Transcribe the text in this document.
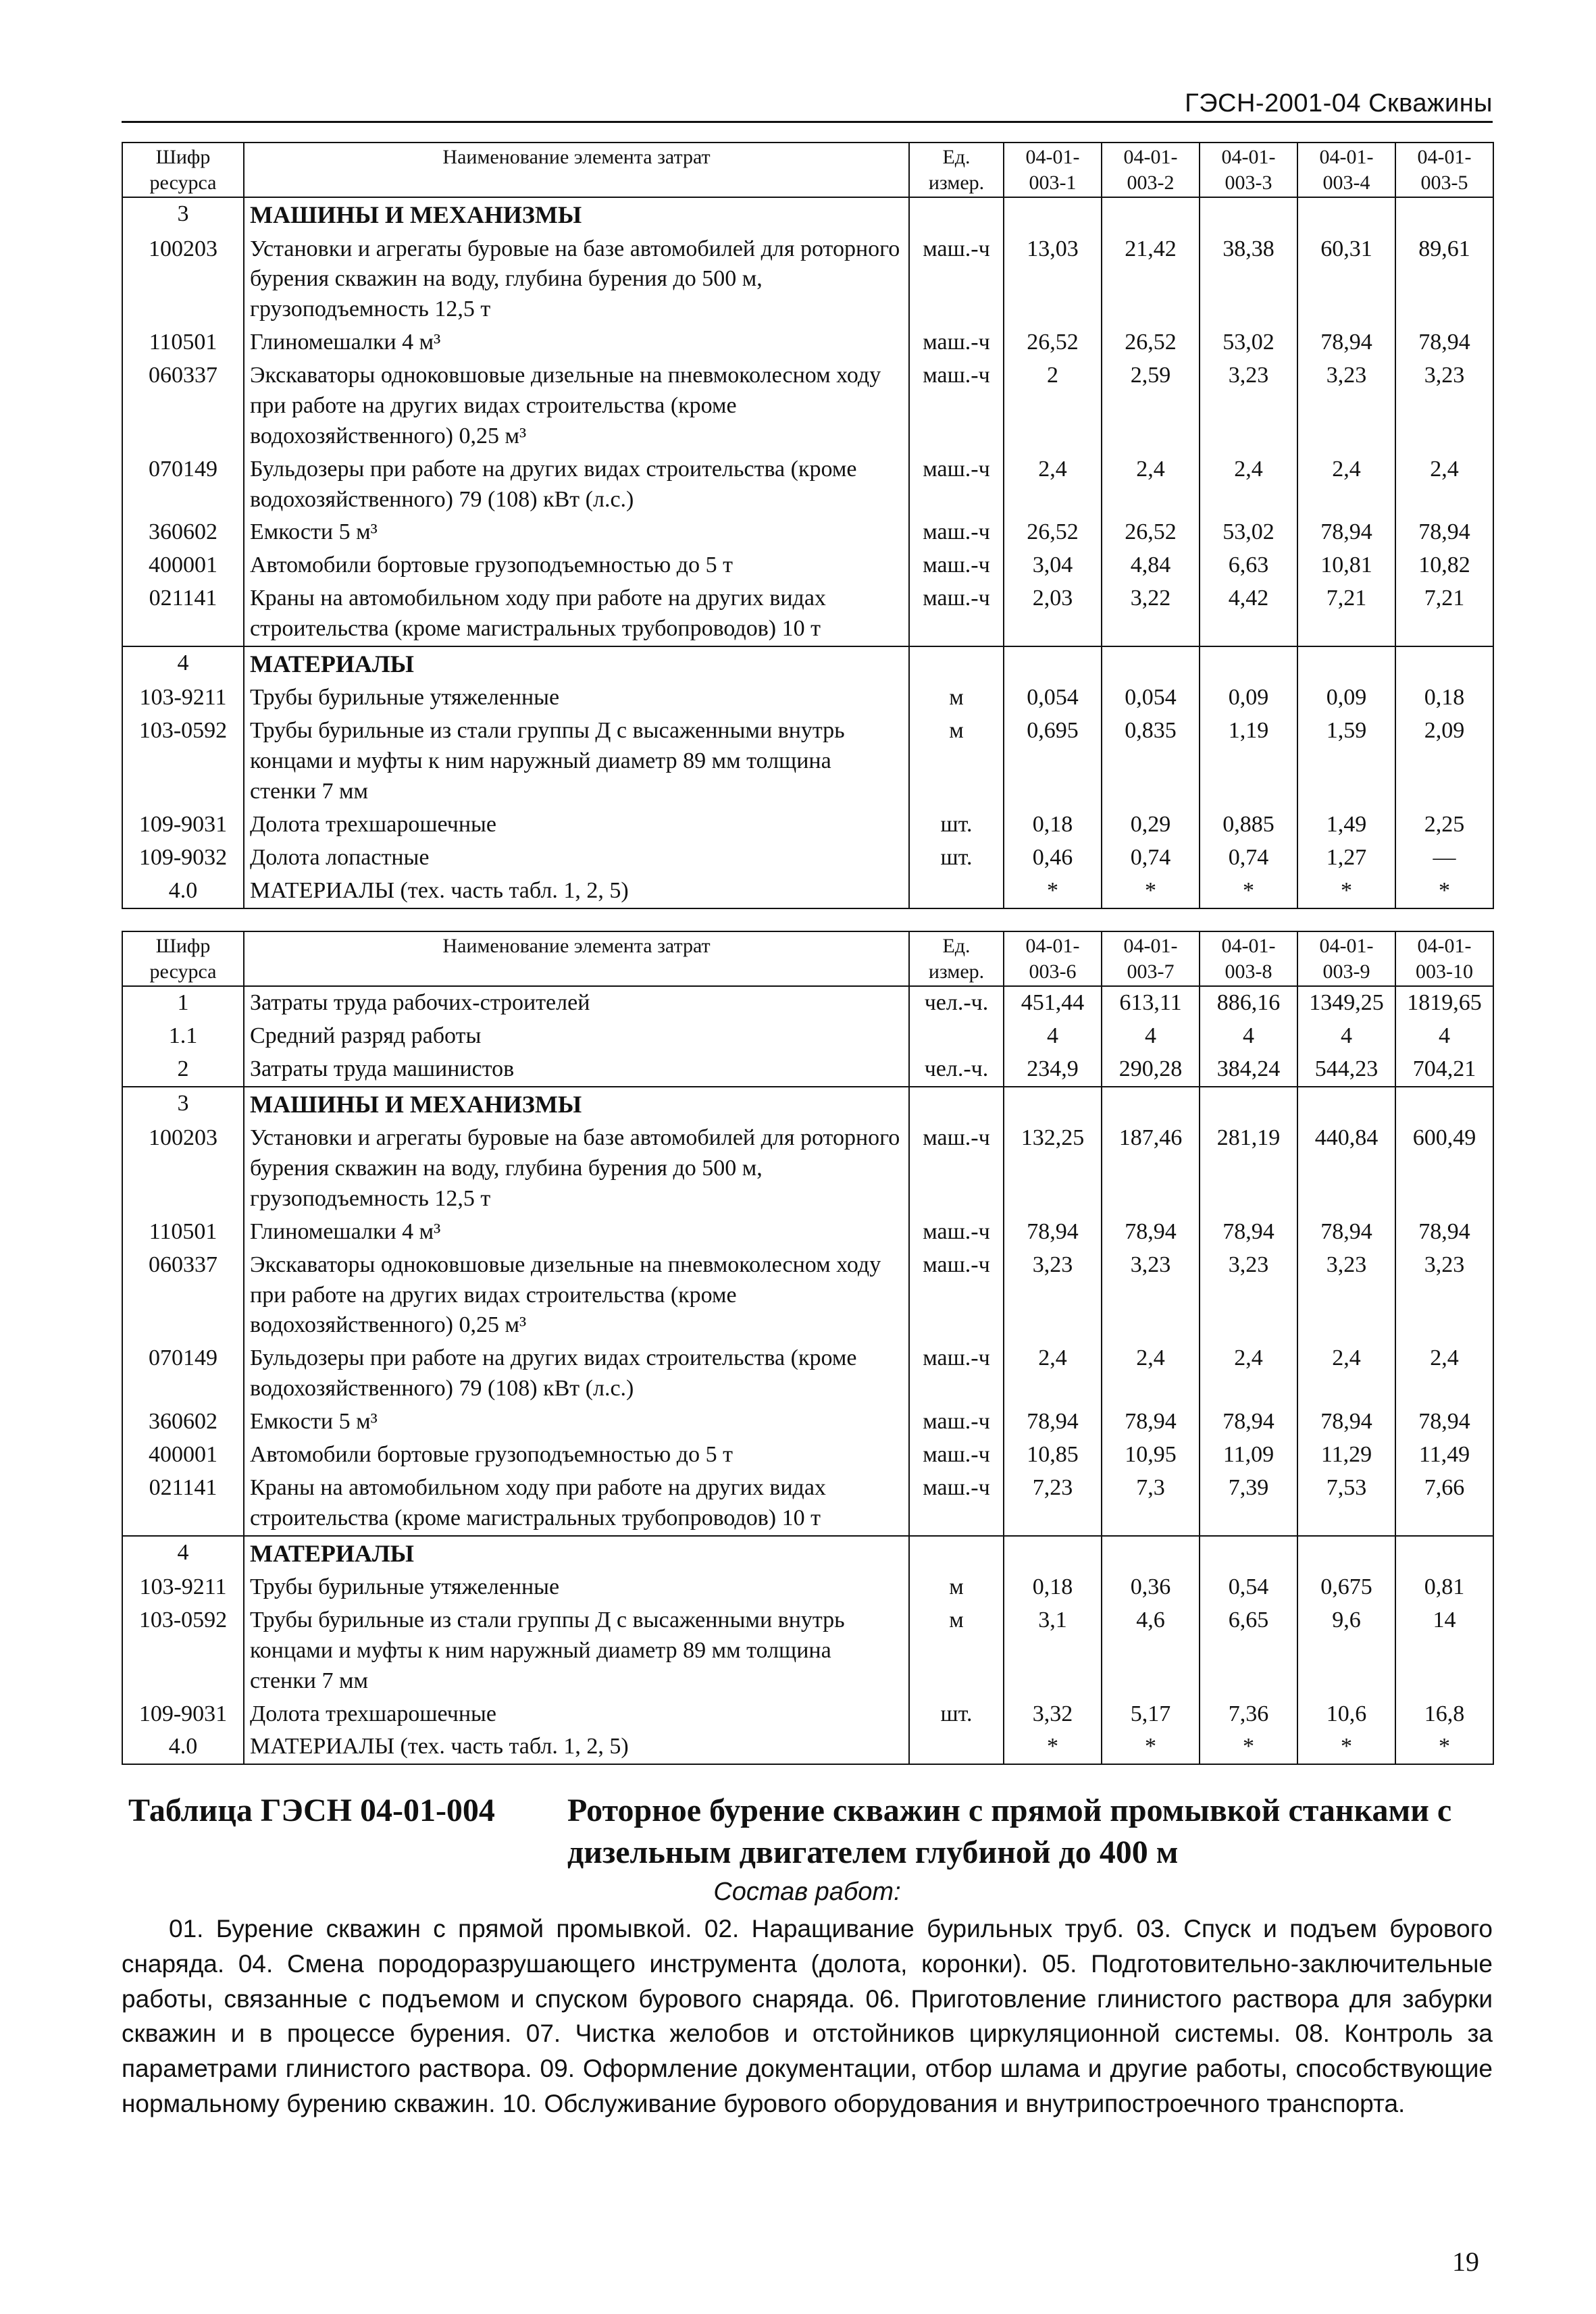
ГЭСН-2001-04 Скважины
Шифр ресурса	Наименование элемента затрат	Ед. измер.	04-01-003-1	04-01-003-2	04-01-003-3	04-01-003-4	04-01-003-5
3	МАШИНЫ И МЕХАНИЗМЫ						
100203	Установки и агрегаты буровые на базе автомобилей для роторного бурения скважин на воду, глубина бурения до 500 м, грузоподъемность 12,5 т	маш.-ч	13,03	21,42	38,38	60,31	89,61
110501	Глиномешалки 4 м³	маш.-ч	26,52	26,52	53,02	78,94	78,94
060337	Экскаваторы одноковшовые дизельные на пневмоколесном ходу при работе на других видах строительства (кроме водохозяйственного) 0,25 м³	маш.-ч	2	2,59	3,23	3,23	3,23
070149	Бульдозеры при работе на других видах строительства (кроме водохозяйственного) 79 (108) кВт (л.с.)	маш.-ч	2,4	2,4	2,4	2,4	2,4
360602	Емкости 5 м³	маш.-ч	26,52	26,52	53,02	78,94	78,94
400001	Автомобили бортовые грузоподъемностью до 5 т	маш.-ч	3,04	4,84	6,63	10,81	10,82
021141	Краны на автомобильном ходу при работе на других видах строительства (кроме магистральных трубопроводов) 10 т	маш.-ч	2,03	3,22	4,42	7,21	7,21
4	МАТЕРИАЛЫ						
103-9211	Трубы бурильные утяжеленные	м	0,054	0,054	0,09	0,09	0,18
103-0592	Трубы бурильные из стали группы Д с высаженными внутрь концами и муфты к ним наружный диаметр 89 мм толщина стенки 7 мм	м	0,695	0,835	1,19	1,59	2,09
109-9031	Долота трехшарошечные	шт.	0,18	0,29	0,885	1,49	2,25
109-9032	Долота лопастные	шт.	0,46	0,74	0,74	1,27	—
4.0	МАТЕРИАЛЫ (тех. часть табл. 1, 2, 5)		*	*	*	*	*
Шифр ресурса	Наименование элемента затрат	Ед. измер.	04-01-003-6	04-01-003-7	04-01-003-8	04-01-003-9	04-01-003-10
1	Затраты труда рабочих-строителей	чел.-ч.	451,44	613,11	886,16	1349,25	1819,65
1.1	Средний разряд работы		4	4	4	4	4
2	Затраты труда машинистов	чел.-ч.	234,9	290,28	384,24	544,23	704,21
3	МАШИНЫ И МЕХАНИЗМЫ						
100203	Установки и агрегаты буровые на базе автомобилей для роторного бурения скважин на воду, глубина бурения до 500 м, грузоподъемность 12,5 т	маш.-ч	132,25	187,46	281,19	440,84	600,49
110501	Глиномешалки 4 м³	маш.-ч	78,94	78,94	78,94	78,94	78,94
060337	Экскаваторы одноковшовые дизельные на пневмоколесном ходу при работе на других видах строительства (кроме водохозяйственного) 0,25 м³	маш.-ч	3,23	3,23	3,23	3,23	3,23
070149	Бульдозеры при работе на других видах строительства (кроме водохозяйственного) 79 (108) кВт (л.с.)	маш.-ч	2,4	2,4	2,4	2,4	2,4
360602	Емкости 5 м³	маш.-ч	78,94	78,94	78,94	78,94	78,94
400001	Автомобили бортовые грузоподъемностью до 5 т	маш.-ч	10,85	10,95	11,09	11,29	11,49
021141	Краны на автомобильном ходу при работе на других видах строительства (кроме магистральных трубопроводов) 10 т	маш.-ч	7,23	7,3	7,39	7,53	7,66
4	МАТЕРИАЛЫ						
103-9211	Трубы бурильные утяжеленные	м	0,18	0,36	0,54	0,675	0,81
103-0592	Трубы бурильные из стали группы Д с высаженными внутрь концами и муфты к ним наружный диаметр 89 мм толщина стенки 7 мм	м	3,1	4,6	6,65	9,6	14
109-9031	Долота трехшарошечные	шт.	3,32	5,17	7,36	10,6	16,8
4.0	МАТЕРИАЛЫ (тех. часть табл. 1, 2, 5)		*	*	*	*	*
Таблица ГЭСН 04-01-004	Роторное бурение скважин с прямой промывкой станками с дизельным двигателем глубиной до 400 м
Состав работ:
01. Бурение скважин с прямой промывкой. 02. Наращивание бурильных труб. 03. Спуск и подъем бурового снаряда. 04. Смена породоразрушающего инструмента (долота, коронки). 05. Подготовительно-заключительные работы, связанные с подъемом и спуском бурового снаряда. 06. Приготовление глинистого раствора для забурки скважин и в процессе бурения. 07. Чистка желобов и отстойников циркуляционной системы. 08. Контроль за параметрами глинистого раствора. 09. Оформление документации, отбор шлама и другие работы, способствующие нормальному бурению скважин. 10. Обслуживание бурового оборудования и внутрипостроечного транспорта.
19
